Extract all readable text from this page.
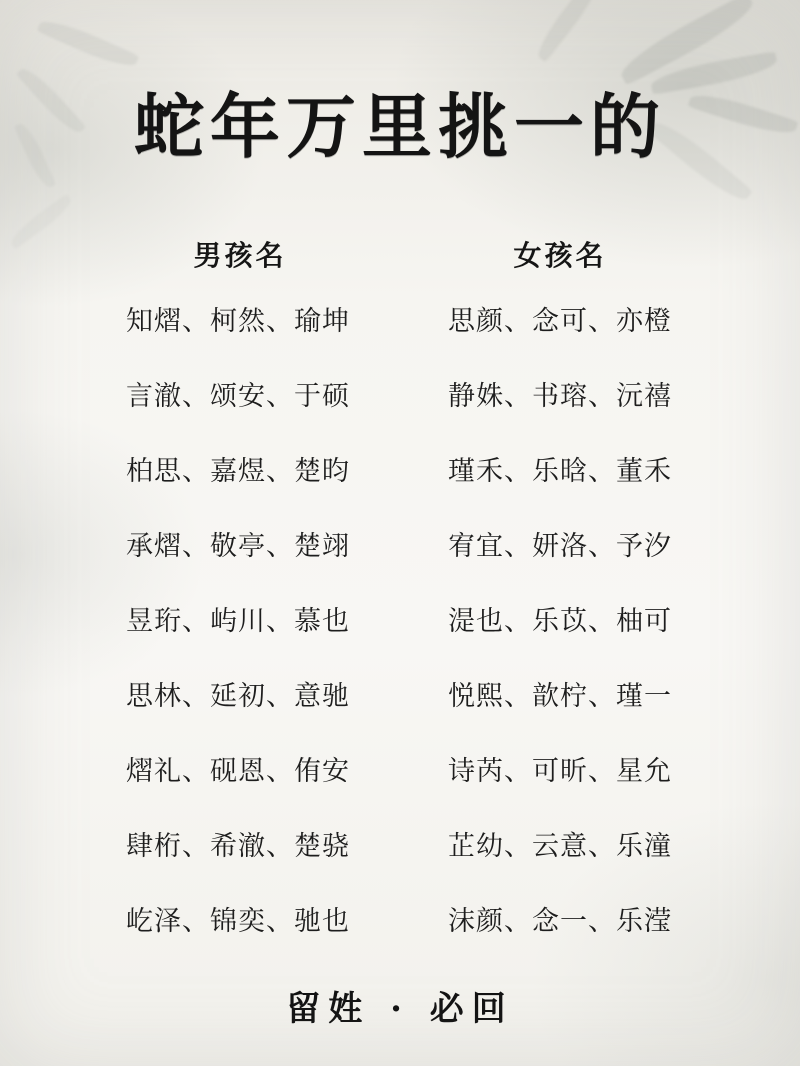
蛇年万里挑一的
男孩名
知熠、柯然、瑜坤
言澈、颂安、于硕
柏思、嘉煜、楚昀
承熠、敬亭、楚翊
昱珩、屿川、慕也
思林、延初、意驰
熠礼、砚恩、侑安
肆桁、希澈、楚骁
屹泽、锦奕、驰也
女孩名
思颜、念可、亦橙
静姝、书瑢、沅禧
瑾禾、乐晗、董禾
宥宜、妍洛、予汐
湜也、乐苡、柚可
悦熙、歆柠、瑾一
诗芮、可昕、星允
芷幼、云意、乐潼
沫颜、念一、乐滢
留姓 · 必回
